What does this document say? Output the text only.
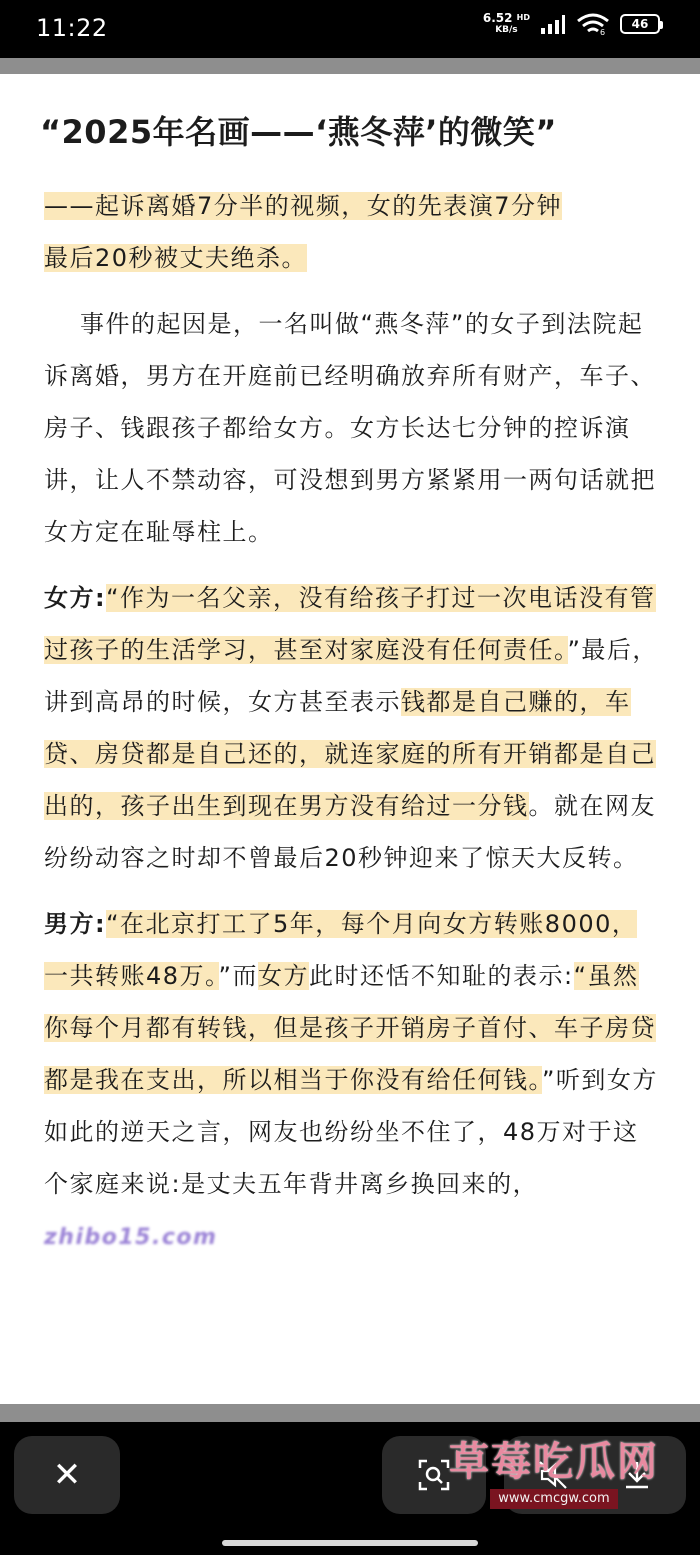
11:22	6.52 $^{HD}$
KB/s	6
46
“2025年名画——‘燕冬萍’的微笑”
——起诉离婚7分半的视频，女的先表演7分钟
最后20秒被丈夫绝杀。
事件的起因是，一名叫做“燕冬萍”的女子到法院起诉离婚，男方在开庭前已经明确放弃所有财产，车子、房子、钱跟孩子都给女方。女方长达七分钟的控诉演讲，让人不禁动容，可没想到男方紧紧用一两句话就把女方定在耻辱柱上。
女方:“作为一名父亲，没有给孩子打过一次电话没有管过孩子的生活学习，甚至对家庭没有任何责任。”最后，讲到高昂的时候，女方甚至表示钱都是自己赚的，车贷、房贷都是自己还的，就连家庭的所有开销都是自己出的，孩子出生到现在男方没有给过一分钱。就在网友纷纷动容之时却不曾最后20秒钟迎来了惊天大反转。
男方:“在北京打工了5年，每个月向女方转账8000，一共转账48万。”而女方此时还恬不知耻的表示:“虽然你每个月都有转钱，但是孩子开销房子首付、车子房贷都是我在支出，所以相当于你没有给任何钱。”听到女方如此的逆天之言，网友也纷纷坐不住了，48万对于这个家庭来说:是丈夫五年背井离乡换回来的，zhibo15.com
✕	草莓吃瓜网
www.cmcgw.com
